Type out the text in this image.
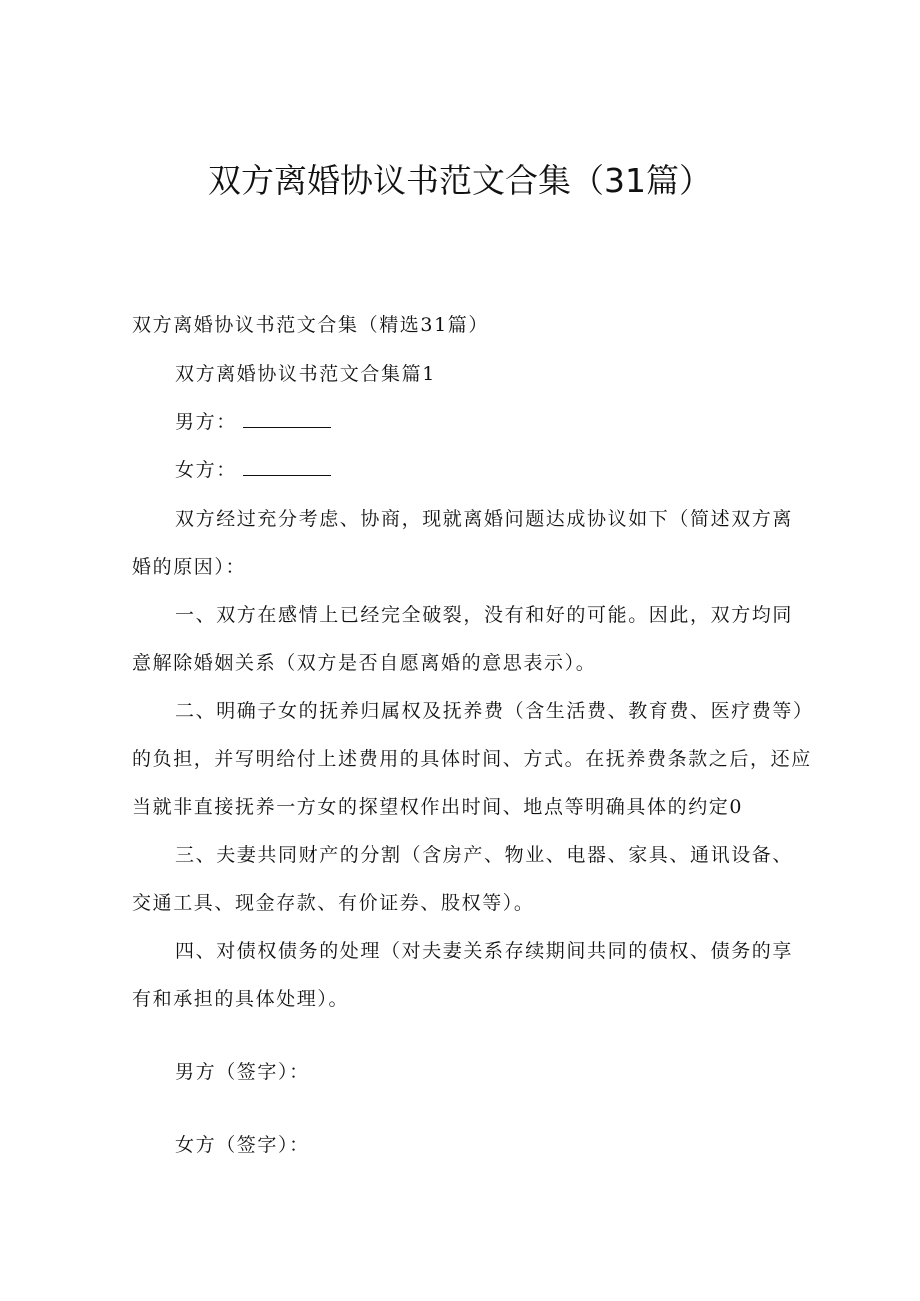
双方离婚协议书范文合集（31篇）

双方离婚协议书范文合集（精选31篇）

双方离婚协议书范文合集篇1

男方：

女方：

双方经过充分考虑、协商，现就离婚问题达成协议如下（简述双方离

婚的原因）：

一、双方在感情上已经完全破裂，没有和好的可能。因此，双方均同

意解除婚姻关系（双方是否自愿离婚的意思表示）。

二、明确子女的抚养归属权及抚养费（含生活费、教育费、医疗费等）

的负担，并写明给付上述费用的具体时间、方式。在抚养费条款之后，还应

当就非直接抚养一方女的探望权作出时间、地点等明确具体的约定0

三、夫妻共同财产的分割（含房产、物业、电器、家具、通讯设备、

交通工具、现金存款、有价证券、股权等）。

四、对债权债务的处理（对夫妻关系存续期间共同的债权、债务的享

有和承担的具体处理）。

男方（签字）：

女方（签字）：
